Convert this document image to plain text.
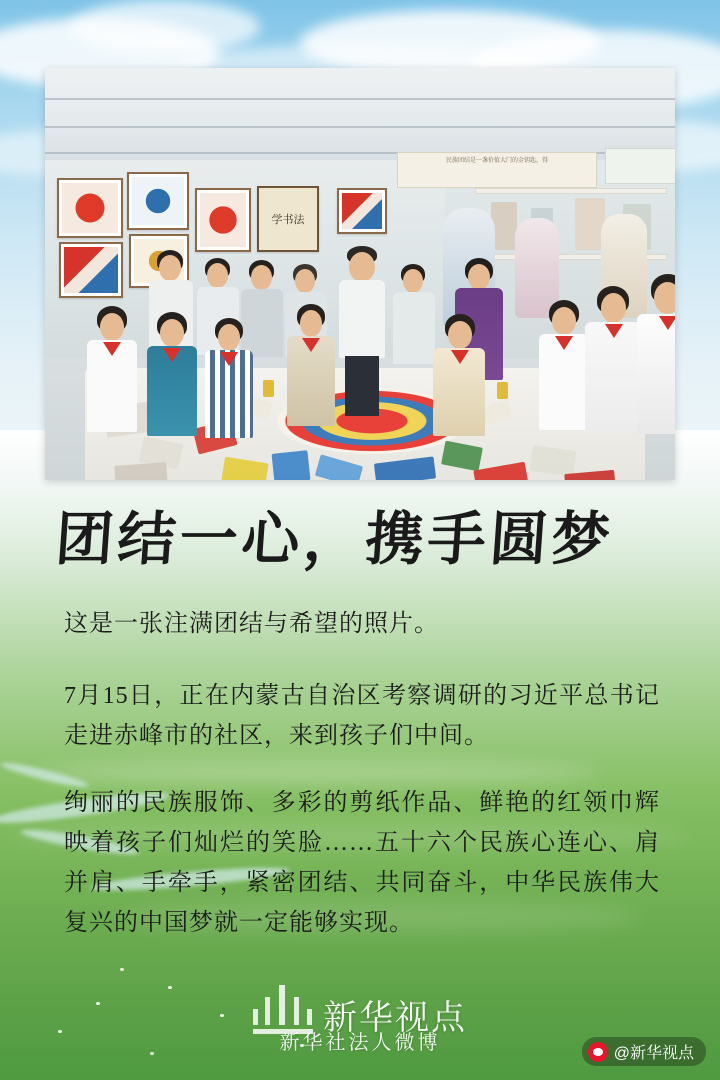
民族团结是一盏价值大门的金钥匙，得
学书法
团结一心，携手圆梦
这是一张注满团结与希望的照片。
7月15日，正在内蒙古自治区考察调研的习近平总书记走进赤峰市的社区，来到孩子们中间。
绚丽的民族服饰、多彩的剪纸作品、鲜艳的红领巾辉映着孩子们灿烂的笑脸……五十六个民族心连心、肩并肩、手牵手，紧密团结、共同奋斗，中华民族伟大复兴的中国梦就一定能够实现。
新华视点
新华社法人微博	@新华视点
